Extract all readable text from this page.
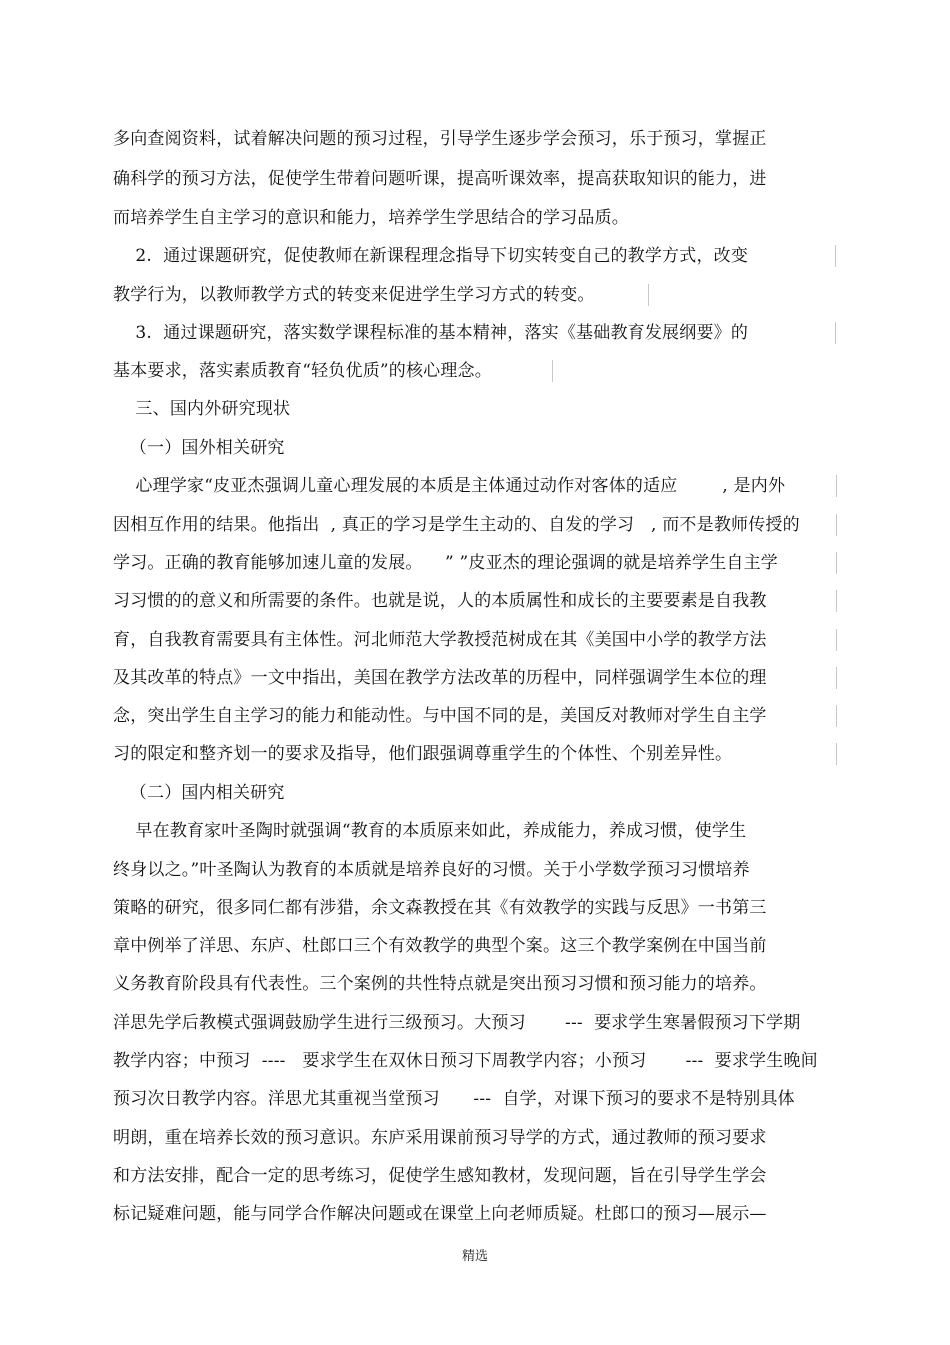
多向查阅资料，试着解决问题的预习过程，引导学生逐步学会预习，乐于预习，掌握正
确科学的预习方法，促使学生带着问题听课，提高听课效率，提高获取知识的能力，进
而培养学生自主学习的意识和能力，培养学生学思结合的学习品质。
2.  通过课题研究，促使教师在新课程理念指导下切实转变自己的教学方式，改变
教学行为，以教师教学方式的转变来促进学生学习方式的转变。
3.  通过课题研究，落实数学课程标准的基本精神，落实《基础教育发展纲要》的
基本要求，落实素质教育“轻负优质”的核心理念。
三、国内外研究现状
（一）国外相关研究
心理学家“皮亚杰强调儿童心理发展的本质是主体通过动作对客体的适应        , 是内外
因相互作用的结果。他指出  , 真正的学习是学生主动的、自发的学习   , 而不是教师传授的
学习。正确的教育能够加速儿童的发展。    ” ”皮亚杰的理论强调的就是培养学生自主学
习习惯的的意义和所需要的条件。也就是说，人的本质属性和成长的主要要素是自我教
育，自我教育需要具有主体性。河北师范大学教授范树成在其《美国中小学的教学方法
及其改革的特点》一文中指出，美国在教学方法改革的历程中，同样强调学生本位的理
念，突出学生自主学习的能力和能动性。与中国不同的是，美国反对教师对学生自主学
习的限定和整齐划一的要求及指导，他们跟强调尊重学生的个体性、个别差异性。
（二）国内相关研究
早在教育家叶圣陶时就强调“教育的本质原来如此，养成能力，养成习惯，使学生
终身以之。”叶圣陶认为教育的本质就是培养良好的习惯。关于小学数学预习习惯培养
策略的研究，很多同仁都有涉猎，余文森教授在其《有效教学的实践与反思》一书第三
章中例举了洋思、东庐、杜郎口三个有效教学的典型个案。这三个教学案例在中国当前
义务教育阶段具有代表性。三个案例的共性特点就是突出预习习惯和预习能力的培养。
洋思先学后教模式强调鼓励学生进行三级预习。大预习       ---  要求学生寒暑假预习下学期
教学内容；中预习  ----   要求学生在双休日预习下周教学内容；小预习       ---  要求学生晚间
预习次日教学内容。洋思尤其重视当堂预习      ---  自学，对课下预习的要求不是特别具体
明朗，重在培养长效的预习意识。东庐采用课前预习导学的方式，通过教师的预习要求
和方法安排，配合一定的思考练习，促使学生感知教材，发现问题，旨在引导学生学会
标记疑难问题，能与同学合作解决问题或在课堂上向老师质疑。杜郎口的预习—展示—
精选
